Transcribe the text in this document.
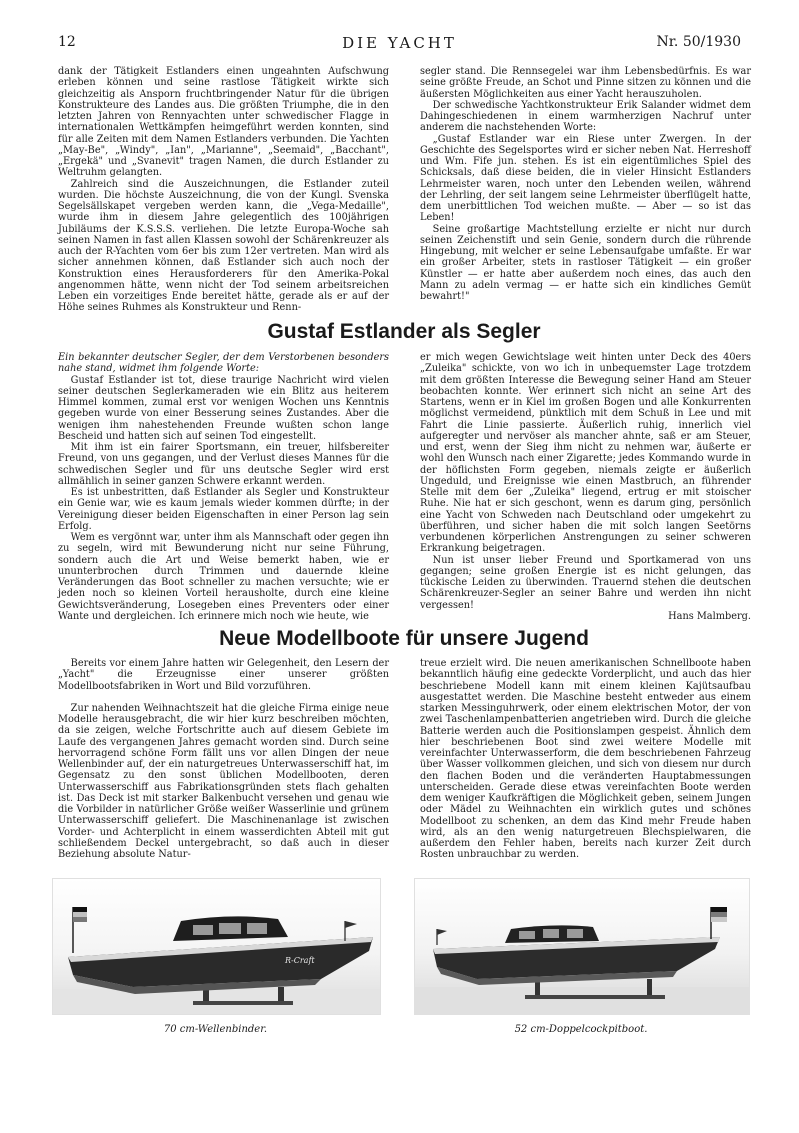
12	DIE YACHT	Nr. 50/1930

dank der Tätigkeit Estlanders einen ungeahnten Aufschwung erleben können und seine rastlose Tätigkeit wirkte sich gleichzeitig als Ansporn fruchtbringender Natur für die übrigen Konstrukteure des Landes aus. Die größten Triumphe, die in den letzten Jahren von Rennyachten unter schwedischer Flagge in internationalen Wettkämpfen heimgeführt werden konnten, sind für alle Zeiten mit dem Namen Estlanders verbunden. Die Yachten „May-Be", „Windy", „Ian", „Marianne", „Seemaid", „Bacchant", „Ergekä" und „Svanevit" tragen Namen, die durch Estlander zu Weltruhm gelangten.

Zahlreich sind die Auszeichnungen, die Estlander zuteil wurden. Die höchste Auszeichnung, die von der Kungl. Svenska Segelsällskapet vergeben werden kann, die „Vega-Medaille", wurde ihm in diesem Jahre gelegentlich des 100jährigen Jubiläums der K.S.S.S. verliehen. Die letzte Europa-Woche sah seinen Namen in fast allen Klassen sowohl der Schärenkreuzer als auch der R-Yachten vom 6er bis zum 12er vertreten. Man wird als sicher annehmen können, daß Estlander sich auch noch der Konstruktion eines Herausforderers für den Amerika-Pokal angenommen hätte, wenn nicht der Tod seinem arbeitsreichen Leben ein vorzeitiges Ende bereitet hätte, gerade als er auf der Höhe seines Ruhmes als Konstrukteur und Renn-

segler stand. Die Rennsegelei war ihm Lebensbedürfnis. Es war seine größte Freude, an Schot und Pinne sitzen zu können und die äußersten Möglichkeiten aus einer Yacht herauszuholen.

Der schwedische Yachtkonstrukteur Erik Salander widmet dem Dahingeschiedenen in einem warmherzigen Nachruf unter anderem die nachstehenden Worte:

„Gustaf Estlander war ein Riese unter Zwergen. In der Geschichte des Segelsportes wird er sicher neben Nat. Herreshoff und Wm. Fife jun. stehen. Es ist ein eigentümliches Spiel des Schicksals, daß diese beiden, die in vieler Hinsicht Estlanders Lehrmeister waren, noch unter den Lebenden weilen, während der Lehrling, der seit langem seine Lehrmeister überflügelt hatte, dem unerbittlichen Tod weichen mußte. — Aber — so ist das Leben!

Seine großartige Machtstellung erzielte er nicht nur durch seinen Zeichenstift und sein Genie, sondern durch die rührende Hingebung, mit welcher er seine Lebensaufgabe umfaßte. Er war ein großer Arbeiter, stets in rastloser Tätigkeit — ein großer Künstler — er hatte aber außerdem noch eines, das auch den Mann zu adeln vermag — er hatte sich ein kindliches Gemüt bewahrt!"

Gustaf Estlander als Segler

Ein bekannter deutscher Segler, der dem Verstorbenen besonders nahe stand, widmet ihm folgende Worte:

Gustaf Estlander ist tot, diese traurige Nachricht wird vielen seiner deutschen Seglerkameraden wie ein Blitz aus heiterem Himmel kommen, zumal erst vor wenigen Wochen uns Kenntnis gegeben wurde von einer Besserung seines Zustandes. Aber die wenigen ihm nahestehenden Freunde wußten schon lange Bescheid und hatten sich auf seinen Tod eingestellt.

Mit ihm ist ein fairer Sportsmann, ein treuer, hilfsbereiter Freund, von uns gegangen, und der Verlust dieses Mannes für die schwedischen Segler und für uns deutsche Segler wird erst allmählich in seiner ganzen Schwere erkannt werden.

Es ist unbestritten, daß Estlander als Segler und Konstrukteur ein Genie war, wie es kaum jemals wieder kommen dürfte; in der Vereinigung dieser beiden Eigenschaften in einer Person lag sein Erfolg.

Wem es vergönnt war, unter ihm als Mannschaft oder gegen ihn zu segeln, wird mit Bewunderung nicht nur seine Führung, sondern auch die Art und Weise bemerkt haben, wie er ununterbrochen durch Trimmen und dauernde kleine Veränderungen das Boot schneller zu machen versuchte; wie er jeden noch so kleinen Vorteil herausholte, durch eine kleine Gewichtsveränderung, Losegeben eines Preventers oder einer Wante und dergleichen. Ich erinnere mich noch wie heute, wie

er mich wegen Gewichtslage weit hinten unter Deck des 40ers „Zuleika" schickte, von wo ich in unbequemster Lage trotzdem mit dem größten Interesse die Bewegung seiner Hand am Steuer beobachten konnte. Wer erinnert sich nicht an seine Art des Startens, wenn er in Kiel im großen Bogen und alle Konkurrenten möglichst vermeidend, pünktlich mit dem Schuß in Lee und mit Fahrt die Linie passierte. Äußerlich ruhig, innerlich viel aufgeregter und nervöser als mancher ahnte, saß er am Steuer, und erst, wenn der Sieg ihm nicht zu nehmen war, äußerte er wohl den Wunsch nach einer Zigarette; jedes Kommando wurde in der höflichsten Form gegeben, niemals zeigte er äußerlich Ungeduld, und Ereignisse wie einen Mastbruch, an führender Stelle mit dem 6er „Zuleika" liegend, ertrug er mit stoischer Ruhe. Nie hat er sich geschont, wenn es darum ging, persönlich eine Yacht von Schweden nach Deutschland oder umgekehrt zu überführen, und sicher haben die mit solch langen Seetörns verbundenen körperlichen Anstrengungen zu seiner schweren Erkrankung beigetragen.

Nun ist unser lieber Freund und Sportkamerad von uns gegangen; seine großen Energie ist es nicht gelungen, das tückische Leiden zu überwinden. Trauernd stehen die deutschen Schärenkreuzer-Segler an seiner Bahre und werden ihn nicht vergessen!

Hans Malmberg.

Neue Modellboote für unsere Jugend

Bereits vor einem Jahre hatten wir Gelegenheit, den Lesern der „Yacht" die Erzeugnisse einer unserer größten Modellbootsfabriken in Wort und Bild vorzuführen.

Zur nahenden Weihnachtszeit hat die gleiche Firma einige neue Modelle herausgebracht, die wir hier kurz beschreiben möchten, da sie zeigen, welche Fortschritte auch auf diesem Gebiete im Laufe des vergangenen Jahres gemacht worden sind. Durch seine hervorragend schöne Form fällt uns vor allen Dingen der neue Wellenbinder auf, der ein naturgetreues Unterwasserschiff hat, im Gegensatz zu den sonst üblichen Modellbooten, deren Unterwasserschiff aus Fabrikationsgründen stets flach gehalten ist. Das Deck ist mit starker Balkenbucht versehen und genau wie die Vorbilder in natürlicher Größe weißer Wasserlinie und grünem Unterwasserschiff geliefert. Die Maschinenanlage ist zwischen Vorder- und Achterplicht in einem wasserdichten Abteil mit gut schließendem Deckel untergebracht, so daß auch in dieser Beziehung absolute Natur-

treue erzielt wird. Die neuen amerikanischen Schnellboote haben bekanntlich häufig eine gedeckte Vorderplicht, und auch das hier beschriebene Modell kann mit einem kleinen Kajütsaufbau ausgestattet werden. Die Maschine besteht entweder aus einem starken Messinguhrwerk, oder einem elektrischen Motor, der von zwei Taschenlampenbatterien angetrieben wird. Durch die gleiche Batterie werden auch die Positionslampen gespeist. Ähnlich dem hier beschriebenen Boot sind zwei weitere Modelle mit vereinfachter Unterwasserform, die dem beschriebenen Fahrzeug über Wasser vollkommen gleichen, und sich von diesem nur durch den flachen Boden und die veränderten Hauptabmessungen unterscheiden. Gerade diese etwas vereinfachten Boote werden dem weniger Kaufkräftigen die Möglichkeit geben, seinem Jungen oder Mädel zu Weihnachten ein wirklich gutes und schönes Modellboot zu schenken, an dem das Kind mehr Freude haben wird, als an den wenig naturgetreuen Blechspielwaren, die außerdem den Fehler haben, bereits nach kurzer Zeit durch Rosten unbrauchbar zu werden.

R-Craft
70 cm-Wellenbinder.	52 cm-Doppelcockpitboot.
